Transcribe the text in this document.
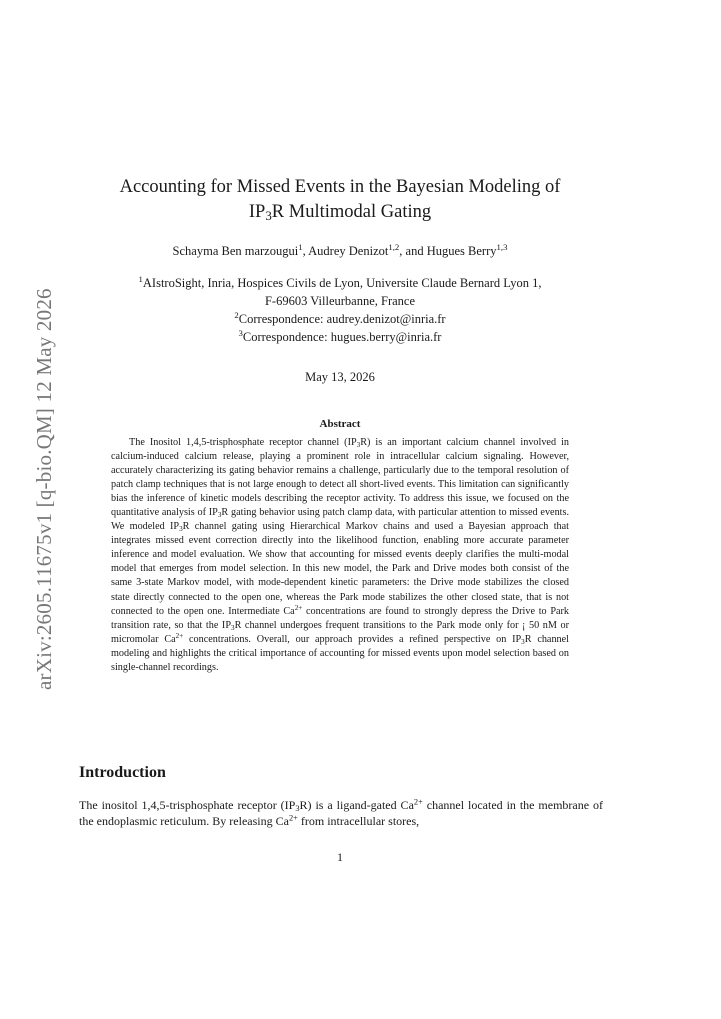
arXiv:2605.11675v1 [q-bio.QM] 12 May 2026
Accounting for Missed Events in the Bayesian Modeling of
$IP_3R$ Multimodal Gating
Schayma Ben marzougui$^1$, Audrey Denizot$^{1,2}$, and Hugues Berry$^{1,3}$
$^1$AIstroSight, Inria, Hospices Civils de Lyon, Universite Claude Bernard Lyon 1,
F-69603 Villeurbanne, France
$^2$Correspondence: audrey.denizot@inria.fr
$^3$Correspondence: hugues.berry@inria.fr
May 13, 2026
Abstract
The Inositol 1,4,5-trisphosphate receptor channel $(IP_3R)$ is an important calcium channel involved in calcium-induced calcium release, playing a prominent role in intracellular calcium signaling. However, accurately characterizing its gating behavior remains a challenge, particularly due to the temporal resolution of patch clamp techniques that is not large enough to detect all short-lived events. This limitation can significantly bias the inference of kinetic models describing the receptor activity. To address this issue, we focused on the quantitative analysis of $IP_3R$ gating behavior using patch clamp data, with particular attention to missed events. We modeled $IP_3R$ channel gating using Hierarchical Markov chains and used a Bayesian approach that integrates missed event correction directly into the likelihood function, enabling more accurate parameter inference and model evaluation. We show that accounting for missed events deeply clarifies the multi-modal model that emerges from model selection. In this new model, the Park and Drive modes both consist of the same 3-state Markov model, with mode-dependent kinetic parameters: the Drive mode stabilizes the closed state directly connected to the open one, whereas the Park mode stabilizes the other closed state, that is not connected to the open one. Intermediate $Ca^{2+}$ concentrations are found to strongly depress the Drive to Park transition rate, so that the $IP_3R$ channel undergoes frequent transitions to the Park mode only for ¡ 50 nM or micromolar $Ca^{2+}$ concentrations. Overall, our approach provides a refined perspective on $IP_3R$ channel modeling and highlights the critical importance of accounting for missed events upon model selection based on single-channel recordings.
Introduction
The inositol 1,4,5-trisphosphate receptor $(IP_3R)$ is a ligand-gated $Ca^{2+}$ channel located in the membrane of the endoplasmic reticulum. By releasing $Ca^{2+}$ from intracellular stores,
1
